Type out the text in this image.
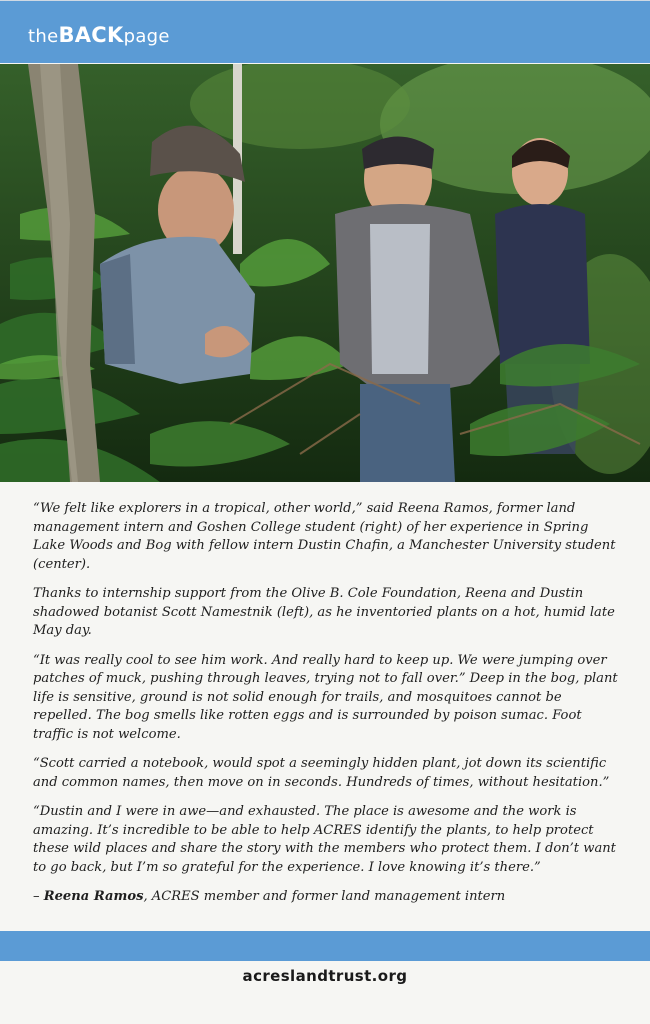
theBACKpage

“We felt like explorers in a tropical, other world,” said Reena Ramos, former land management intern and Goshen College student (right) of her experience in Spring Lake Woods and Bog with fellow intern Dustin Chafin, a Manchester University student (center).

Thanks to internship support from the Olive B. Cole Foundation, Reena and Dustin shadowed botanist Scott Namestnik (left), as he inventoried plants on a hot, humid late May day.

“It was really cool to see him work. And really hard to keep up. We were jumping over patches of muck, pushing through leaves, trying not to fall over.” Deep in the bog, plant life is sensitive, ground is not solid enough for trails, and mosquitoes cannot be repelled. The bog smells like rotten eggs and is surrounded by poison sumac. Foot traffic is not welcome.

“Scott carried a notebook, would spot a seemingly hidden plant, jot down its scientific and common names, then move on in seconds. Hundreds of times, without hesitation.”

“Dustin and I were in awe—and exhausted. The place is awesome and the work is amazing. It’s incredible to be able to help ACRES identify the plants, to help protect these wild places and share the story with the members who protect them. I don’t want to go back, but I’m so grateful for the experience. I love knowing it’s there.”

– Reena Ramos, ACRES member and former land management intern

acreslandtrust.org
